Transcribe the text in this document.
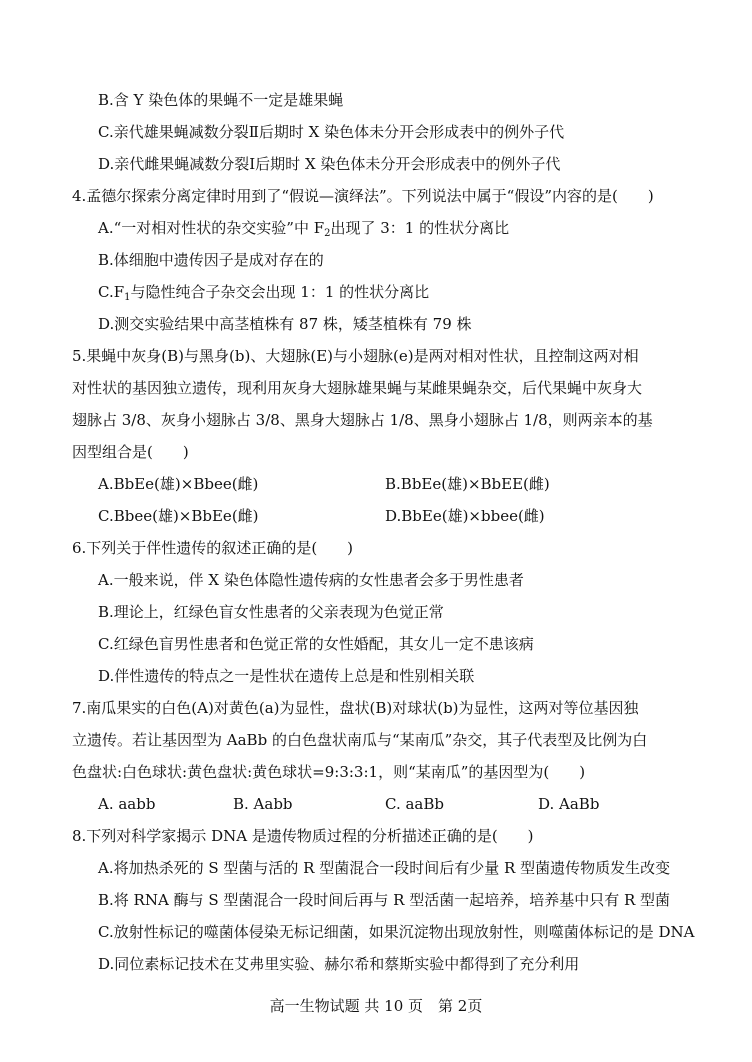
B.含 Y 染色体的果蝇不一定是雄果蝇
C.亲代雄果蝇减数分裂Ⅱ后期时 X 染色体未分开会形成表中的例外子代
D.亲代雌果蝇减数分裂Ⅰ后期时 X 染色体未分开会形成表中的例外子代
4.孟德尔探索分离定律时用到了“假说—演绎法”。下列说法中属于“假设”内容的是(　　)
A.“一对相对性状的杂交实验”中 $F_2$出现了 3：1 的性状分离比
B.体细胞中遗传因子是成对存在的
$C.F_1$与隐性纯合子杂交会出现 1：1 的性状分离比
D.测交实验结果中高茎植株有 87 株，矮茎植株有 79 株
5.果蝇中灰身(B)与黑身(b)、大翅脉(E)与小翅脉(e)是两对相对性状，且控制这两对相
对性状的基因独立遗传，现利用灰身大翅脉雄果蝇与某雌果蝇杂交，后代果蝇中灰身大
翅脉占 3/8、灰身小翅脉占 3/8、黑身大翅脉占 1/8、黑身小翅脉占 1/8，则两亲本的基
因型组合是(　　)
A.BbEe(雄)×Bbee(雌)	B.BbEe(雄)×BbEE(雌)
C.Bbee(雄)×BbEe(雌)	D.BbEe(雄)×bbee(雌)
6.下列关于伴性遗传的叙述正确的是(　　)
A.一般来说，伴 X 染色体隐性遗传病的女性患者会多于男性患者
B.理论上，红绿色盲女性患者的父亲表现为色觉正常
C.红绿色盲男性患者和色觉正常的女性婚配，其女儿一定不患该病
D.伴性遗传的特点之一是性状在遗传上总是和性别相关联
7.南瓜果实的白色(A)对黄色(a)为显性，盘状(B)对球状(b)为显性，这两对等位基因独
立遗传。若让基因型为 AaBb 的白色盘状南瓜与“某南瓜”杂交，其子代表型及比例为白
色盘状:白色球状:黄色盘状:黄色球状=9:3:3:1，则“某南瓜”的基因型为(　　)
A. aabb	B. Aabb	C. aaBb	D. AaBb
8.下列对科学家揭示 DNA 是遗传物质过程的分析描述正确的是(　　)
A.将加热杀死的 S 型菌与活的 R 型菌混合一段时间后有少量 R 型菌遗传物质发生改变
B.将 RNA 酶与 S 型菌混合一段时间后再与 R 型活菌一起培养，培养基中只有 R 型菌
C.放射性标记的噬菌体侵染无标记细菌，如果沉淀物出现放射性，则噬菌体标记的是 DNA
D.同位素标记技术在艾弗里实验、赫尔希和蔡斯实验中都得到了充分利用
高一生物试题 共 10 页　第 2页
